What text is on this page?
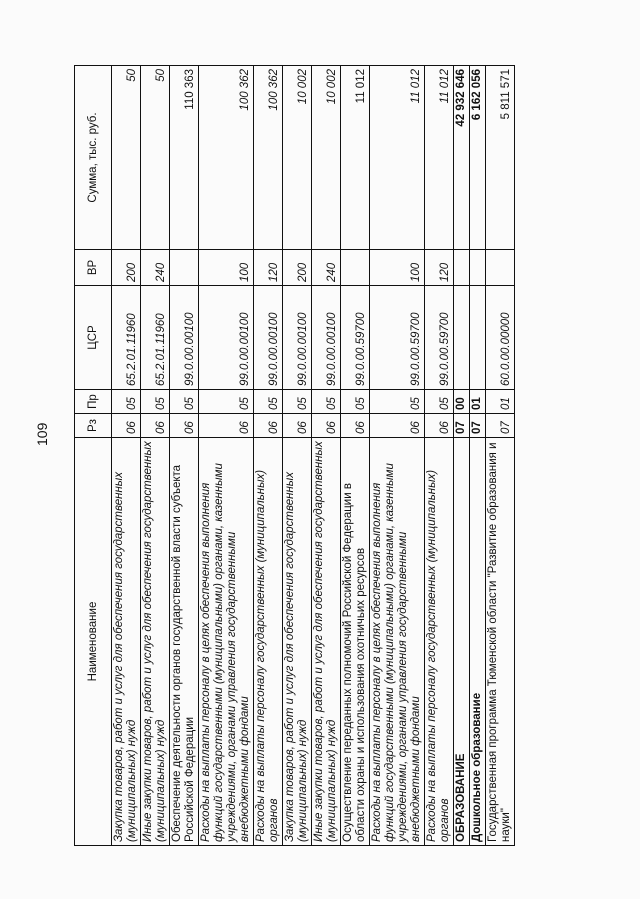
109
Наименование	Рз	Пр	ЦСР	ВР	Сумма, тыс. руб.
Закупка товаров, работ и услуг для обеспечения государственных (муниципальных) нужд	06	05	65.2.01.11960	200	50
Иные закупки товаров, работ и услуг для обеспечения государственных (муниципальных) нужд	06	05	65.2.01.11960	240	50
Обеспечение деятельности органов государственной власти субъекта Российской Федерации	06	05	99.0.00.00100		110 363
Расходы на выплаты персоналу в целях обеспечения выполнения функций государственными (муниципальными) органами, казенными учреждениями, органами управления государственными внебюджетными фондами	06	05	99.0.00.00100	100	100 362
Расходы на выплаты персоналу государственных (муниципальных) органов	06	05	99.0.00.00100	120	100 362
Закупка товаров, работ и услуг для обеспечения государственных (муниципальных) нужд	06	05	99.0.00.00100	200	10 002
Иные закупки товаров, работ и услуг для обеспечения государственных (муниципальных) нужд	06	05	99.0.00.00100	240	10 002
Осуществление переданных полномочий Российской Федерации в области охраны и использования охотничьих ресурсов	06	05	99.0.00.59700		11 012
Расходы на выплаты персоналу в целях обеспечения выполнения функций государственными (муниципальными) органами, казенными учреждениями, органами управления государственными внебюджетными фондами	06	05	99.0.00.59700	100	11 012
Расходы на выплаты персоналу государственных (муниципальных) органов	06	05	99.0.00.59700	120	11 012
ОБРАЗОВАНИЕ	07	00			42 932 646
Дошкольное образование	07	01			6 162 056
Государственная программа Тюменской области "Развитие образования и науки"	07	01	60.0.00.00000		5 811 571
